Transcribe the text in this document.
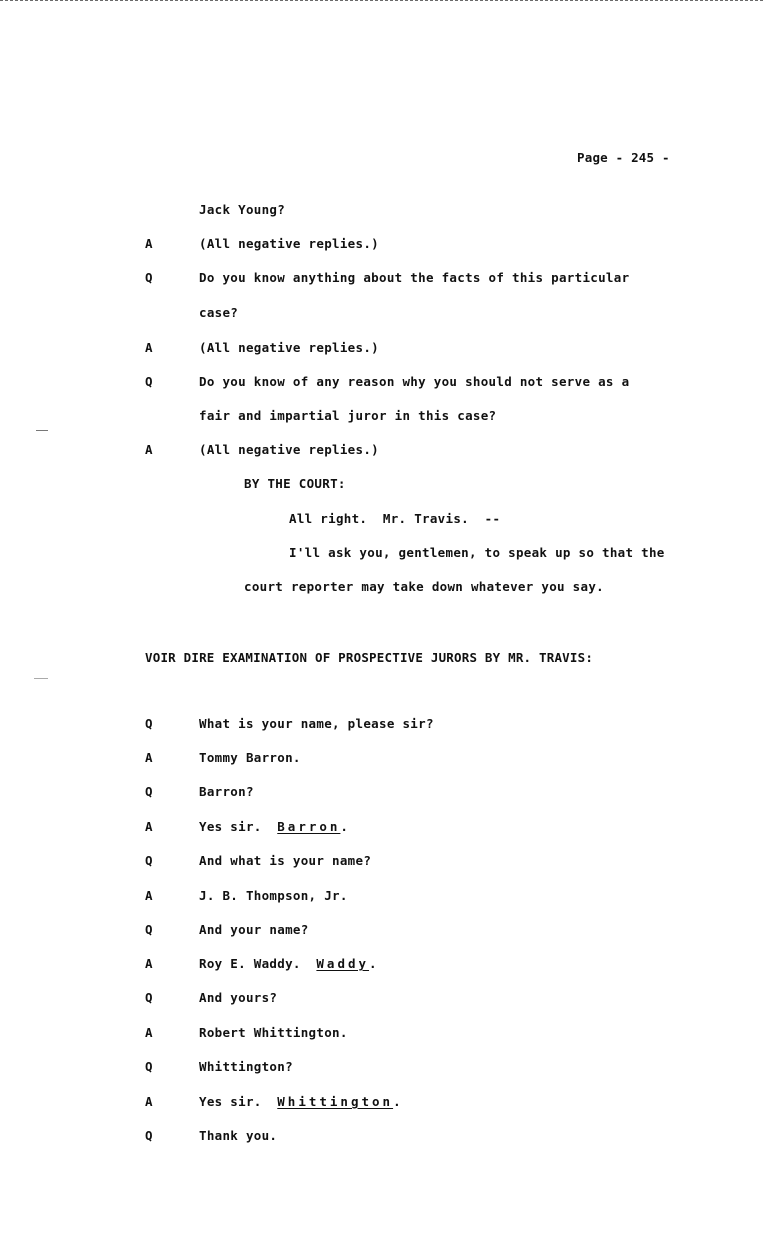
Page - 245 -
Jack Young?
A	(All negative replies.)
Q	Do you know anything about the facts of this particular
case?
A	(All negative replies.)
Q	Do you know of any reason why you should not serve as a
fair and impartial juror in this case?
A	(All negative replies.)
BY THE COURT:
All right.  Mr. Travis.  --
I'll ask you, gentlemen, to speak up so that the
court reporter may take down whatever you say.
VOIR DIRE EXAMINATION OF PROSPECTIVE JURORS BY MR. TRAVIS:
Q	What is your name, please sir?
A	Tommy Barron.
Q	Barron?
A	Yes sir. Barron.
Q	And what is your name?
A	J. B. Thompson, Jr.
Q	And your name?
A	Roy E. Waddy. Waddy.
Q	And yours?
A	Robert Whittington.
Q	Whittington?
A	Yes sir. Whittington.
Q	Thank you.
